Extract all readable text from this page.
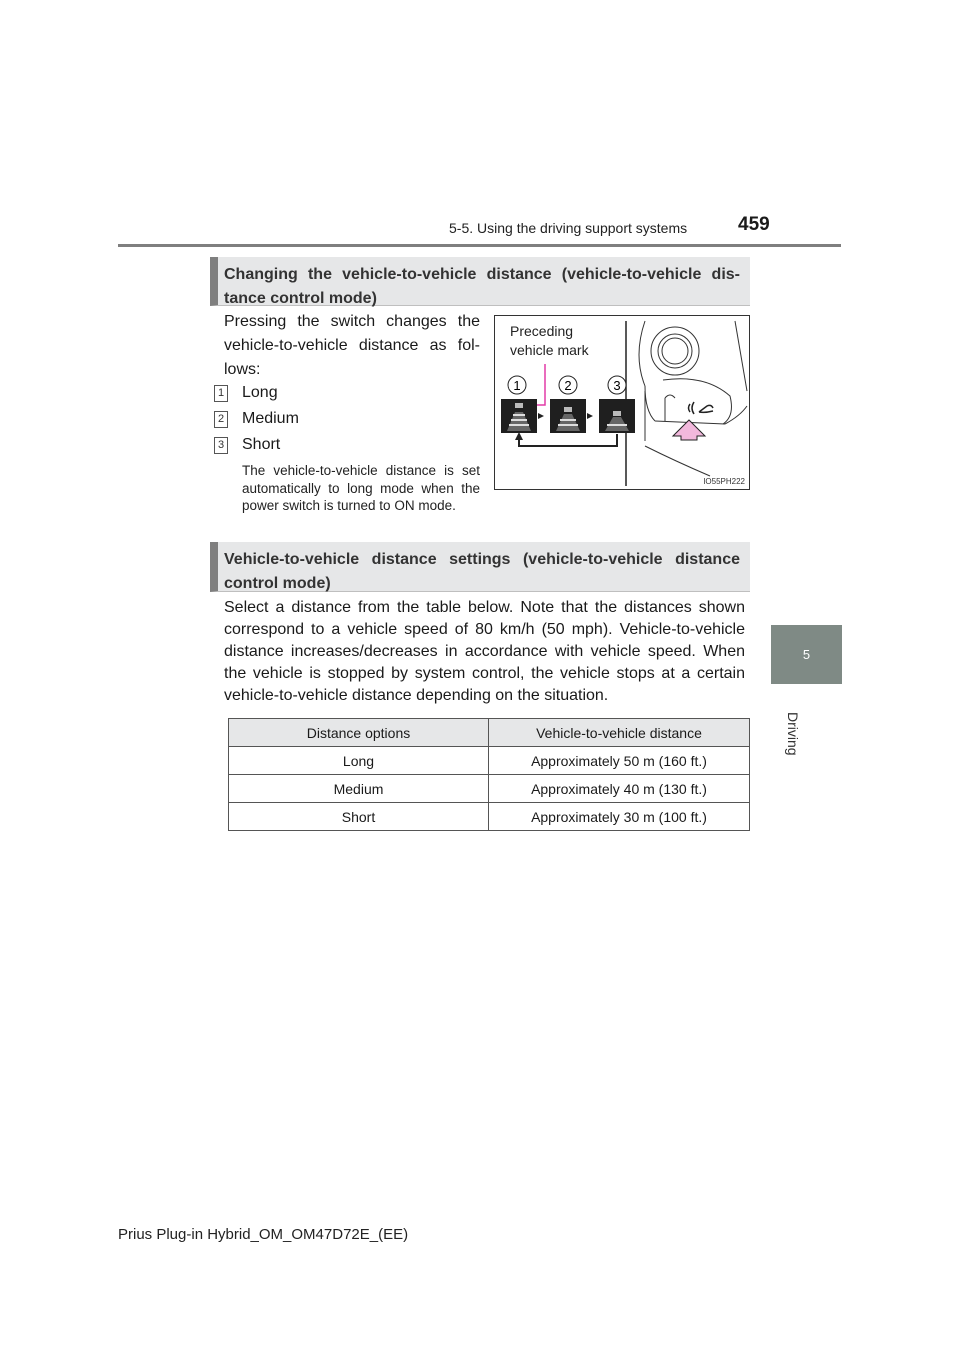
5-5. Using the driving support systems	459
5
Driving
Changing the vehicle-to-vehicle distance (vehicle-to-vehicle dis-tance control mode)
Pressing the switch changes the vehicle-to-vehicle distance as fol-lows:
1 Long
2 Medium
3 Short
The vehicle-to-vehicle distance is set automatically to long mode when the power switch is turned to ON mode.
Preceding
vehicle mark
1	2	3
IO55PH222
Vehicle-to-vehicle distance settings (vehicle-to-vehicle distance control mode)
Select a distance from the table below. Note that the distances shown correspond to a vehicle speed of 80 km/h (50 mph). Vehicle-to-vehicle distance increases/decreases in accordance with vehicle speed. When the vehicle is stopped by system control, the vehicle stops at a certain vehicle-to-vehicle distance depending on the situation.
Distance options	Vehicle-to-vehicle distance
Long	Approximately 50 m (160 ft.)
Medium	Approximately 40 m (130 ft.)
Short	Approximately 30 m (100 ft.)
Prius Plug-in Hybrid_OM_OM47D72E_(EE)
